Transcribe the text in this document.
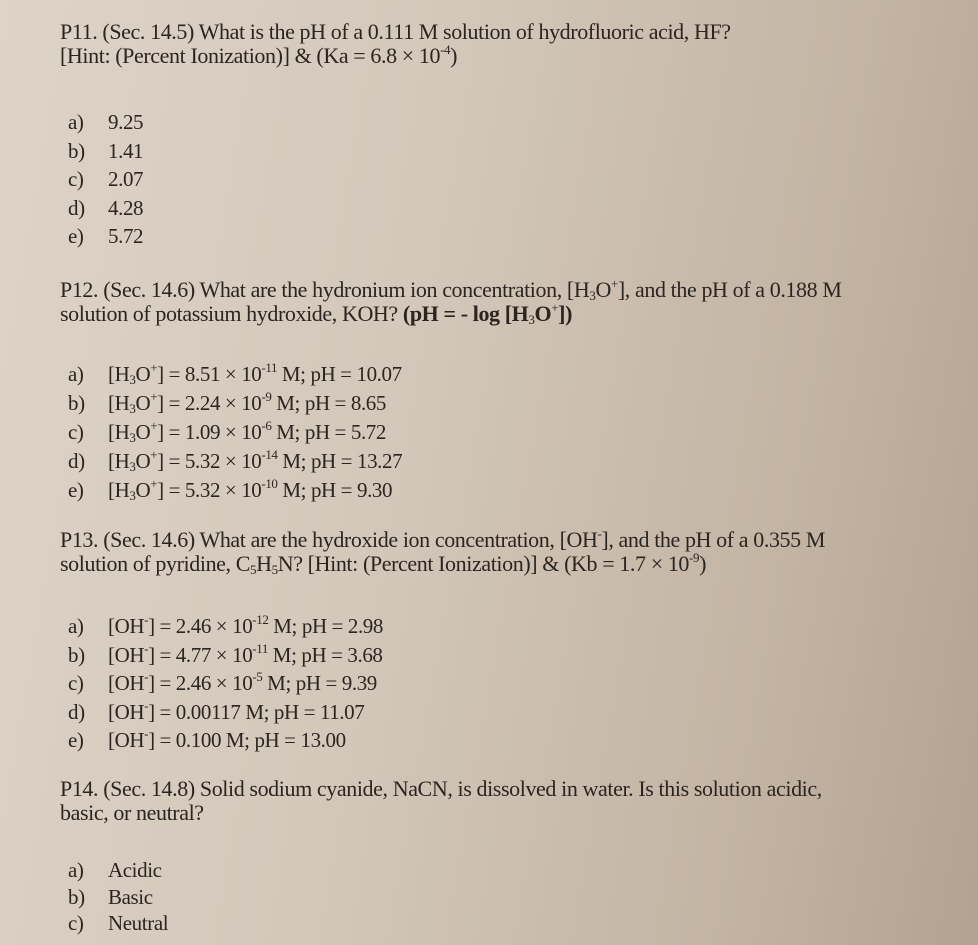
P11. (Sec. 14.5) What is the pH of a 0.111 M solution of hydrofluoric acid, HF?
[Hint: (Percent Ionization)] & $(Ka = 6.8 \times 10^{-4})$
a)	9.25
b)	1.41
c)	2.07
d)	4.28
e)	5.72
P12. (Sec. 14.6) What are the hydronium ion concentration, $[H_3O^+]$, and the pH of a 0.188 M
solution of potassium hydroxide, KOH? (pH = - $\log [H_3O^+]$)
a)	$[H_3O^+] = 8.51 \times 10^{-11}$ M; pH = 10.07
b)	$[H_3O^+] = 2.24 \times 10^{-9}$ M; pH = 8.65
c)	$[H_3O^+] = 1.09 \times 10^{-6}$ M; pH = 5.72
d)	$[H_3O^+] = 5.32 \times 10^{-14}$ M; pH = 13.27
e)	$[H_3O^+] = 5.32 \times 10^{-10}$ M; pH = 9.30
P13. (Sec. 14.6) What are the hydroxide ion concentration, [OH-], and the pH of a 0.355 M
solution of pyridine, $C_5H_5N$? [Hint: (Percent Ionization)] & $(Kb = 1.7 \times 10^{-9})$
a)	$[OH^-] = 2.46 \times 10^{-12}$ M; pH = 2.98
b)	$[OH^-] = 4.77 \times 10^{-11}$ M; pH = 3.68
c)	$[OH^-] = 2.46 \times 10^{-5}$ M; pH = 9.39
d)	[OH-] = 0.00117 M; pH = 11.07
e)	[OH-] = 0.100 M; pH = 13.00
P14. (Sec. 14.8) Solid sodium cyanide, NaCN, is dissolved in water. Is this solution acidic,
basic, or neutral?
a)	Acidic
b)	Basic
c)	Neutral
